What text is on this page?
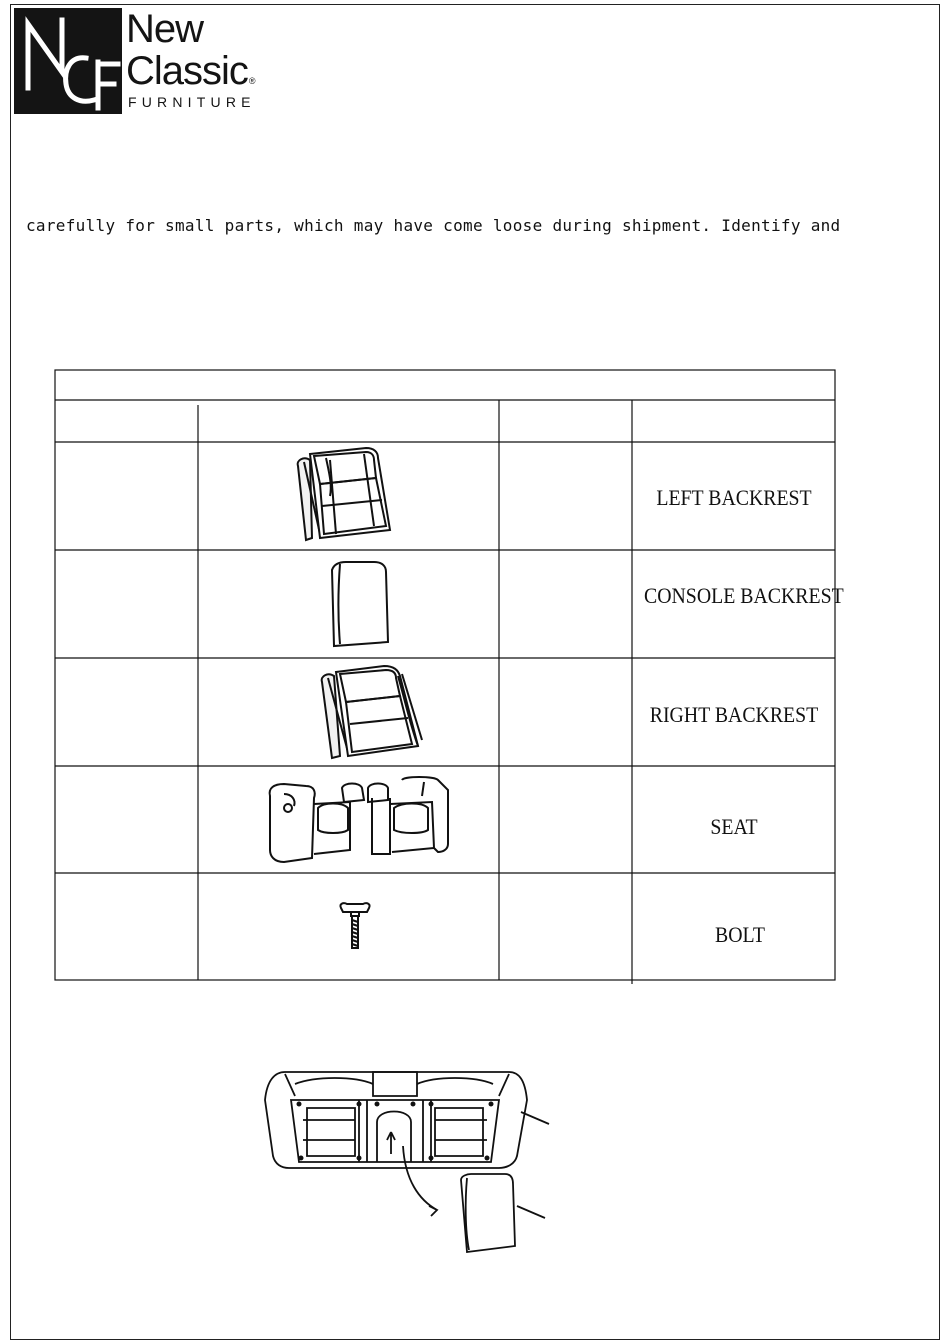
New
Classic®
FURNITURE
carefully for small parts, which may have come loose during shipment. Identify and
LEFT BACKREST
CONSOLE BACKREST
RIGHT BACKREST
SEAT
BOLT
